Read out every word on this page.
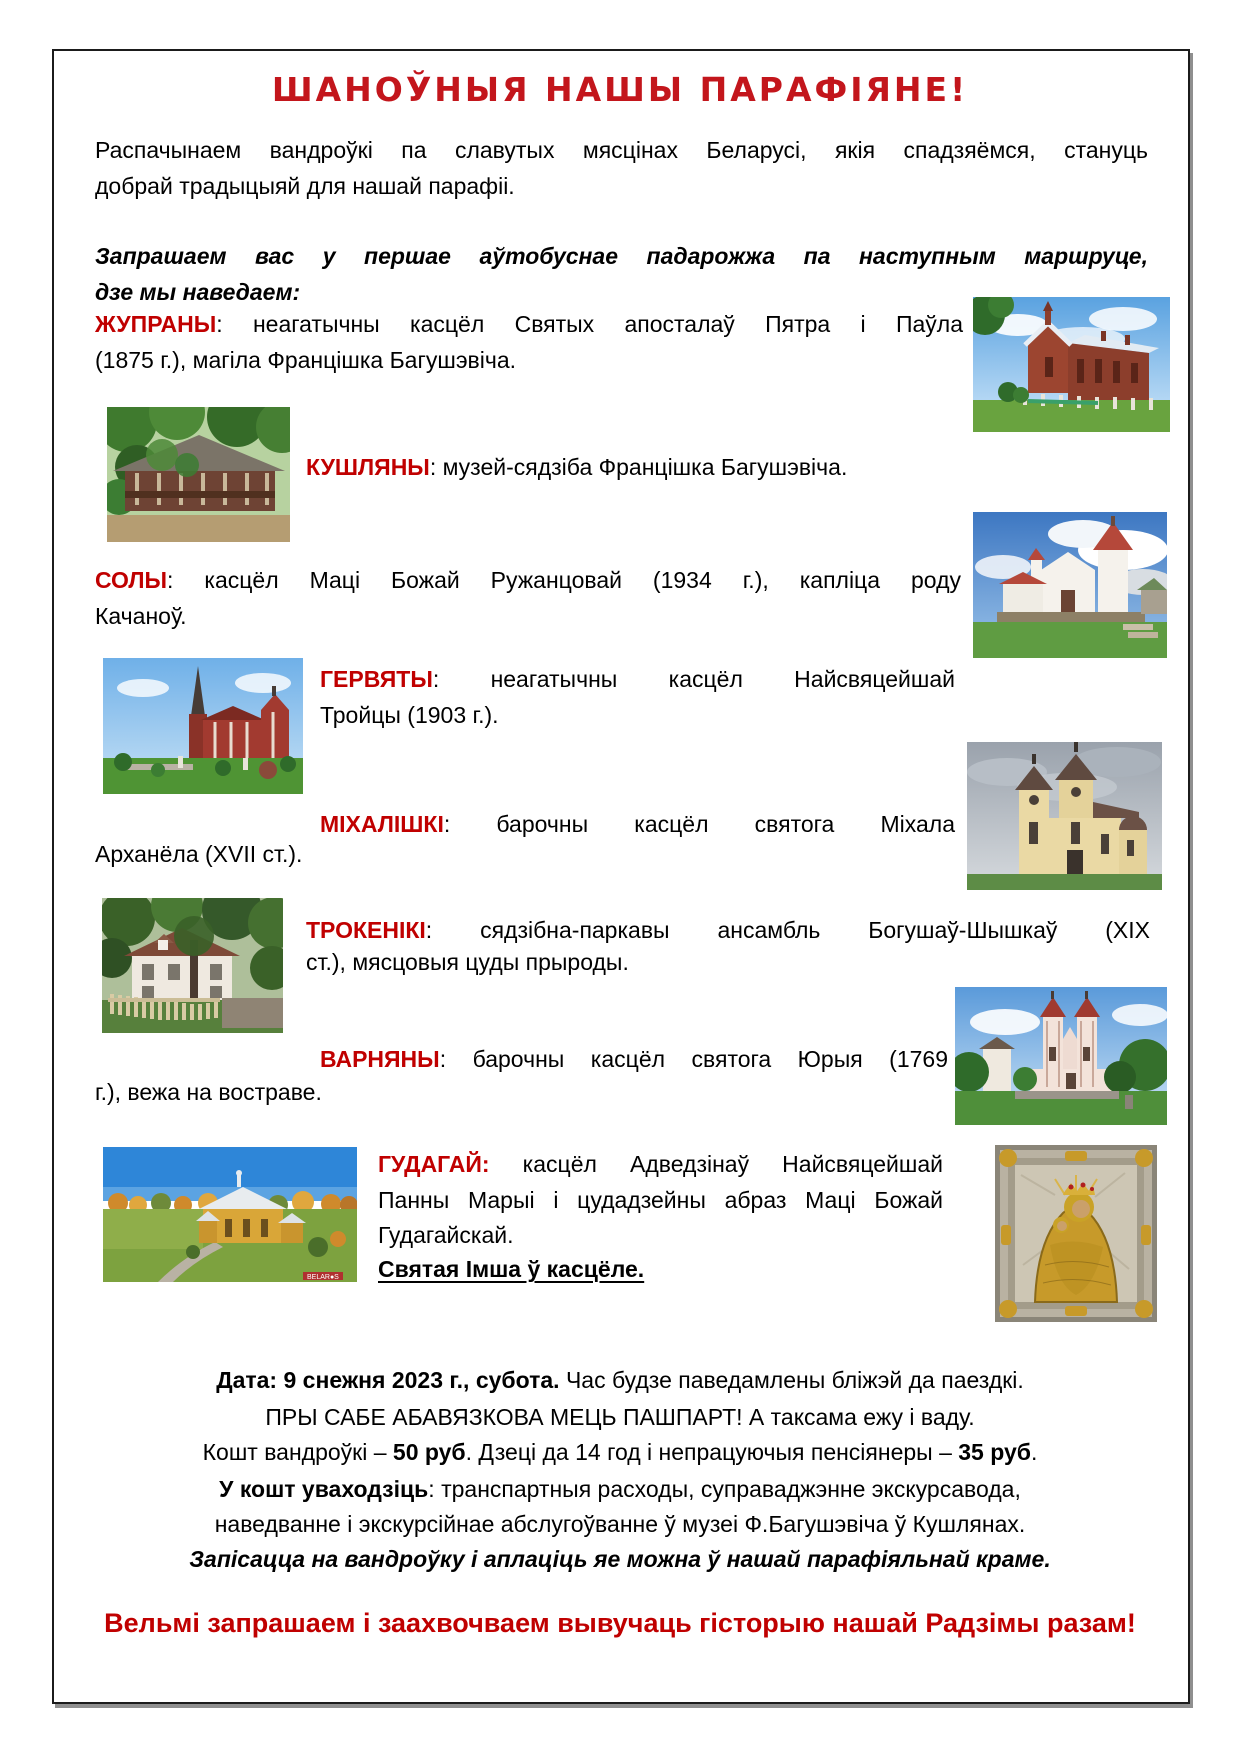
ШАНОЎНЫЯ НАШЫ ПАРАФІЯНЕ!
Распачынаем вандроўкі па славутых мясцінах Беларусі, якія спадзяёмся, стануць
добрай традыцыяй для нашай парафіі.
Запрашаем вас у першае аўтобуснае падарожжа па наступным маршруце,
дзе мы наведаем:
ЖУПРАНЫ: неагатычны касцёл Святых апосталаў Пятра і Паўла
(1875 г.), магіла Францішка Багушэвіча.
КУШЛЯНЫ: музей-сядзіба Францішка Багушэвіча.
СОЛЫ: касцёл Маці Божай Ружанцовай (1934 г.), капліца роду
Качаноў.
ГЕРВЯТЫ: неагатычны касцёл Найсвяцейшай
Тройцы (1903 г.).
МІХАЛІШКІ: барочны касцёл святога Міхала
Арханёла (XVII ст.).
ТРОКЕНІКІ: сядзібна-паркавы ансамбль Богушаў-Шышкаў (XIX
ст.), мясцовыя цуды прыроды.
ВАРНЯНЫ: барочны касцёл святога Юрыя (1769
г.), вежа на востраве.
ГУДАГАЙ: касцёл Адведзінаў Найсвяцейшай
Панны Марыі і цудадзейны абраз Маці Божай
Гудагайскай.
Святая Імша ў касцёле.
Дата: 9 снежня 2023 г., субота. Час будзе паведамлены бліжэй да паездкі.
ПРЫ САБЕ АБАВЯЗКОВА МЕЦЬ ПАШПАРТ! А таксама ежу і ваду.
Кошт вандроўкі – 50 руб. Дзеці да 14 год і непрацуючыя пенсіянеры – 35 руб.
У кошт уваходзіць: транспартныя расходы, суправаджэнне экскурсавода,
наведванне і экскурсійнае абслугоўванне ў музеі Ф.Багушэвіча ў Кушлянах.
Запісацца на вандроўку і аплаціць яе можна ў нашай парафіяльнай краме.
Вельмі запрашаем і заахвочваем вывучаць гісторыю нашай Радзімы разам!
BELAR●S
